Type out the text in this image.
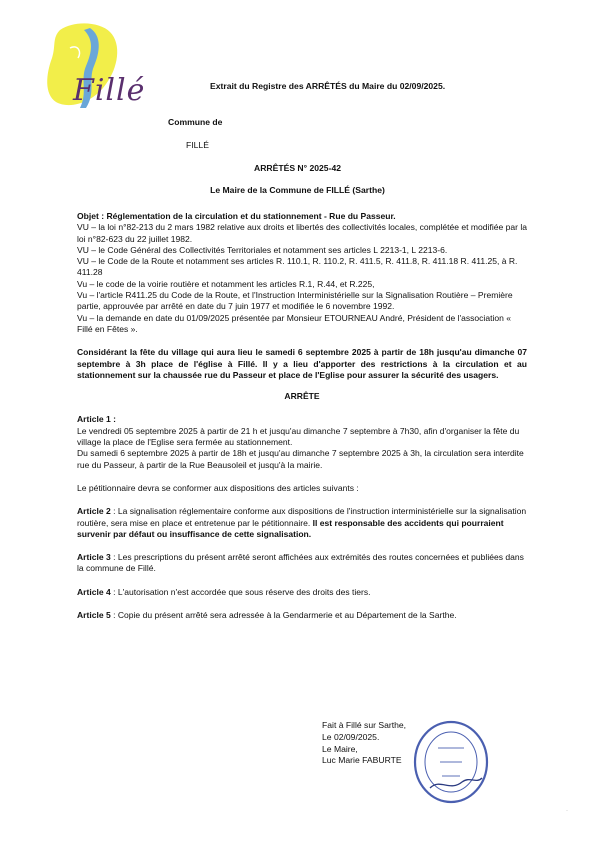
Fillé	Extrait du Registre des ARRÊTÉS du Maire du 02/09/2025.
Commune de
FILLÉ
ARRÊTÉS N° 2025-42
Le Maire de la Commune de FILLÉ (Sarthe)

Objet : Réglementation de la circulation et du stationnement - Rue du Passeur.

VU – la loi n°82-213 du 2 mars 1982 relative aux droits et libertés des collectivités locales, complétée et modifiée par la loi n°82-623 du 22 juillet 1982.

VU – le Code Général des Collectivités Territoriales et notamment ses articles L 2213-1, L 2213-6.

VU – le Code de la Route et notamment ses articles R. 110.1, R. 110.2, R. 411.5, R. 411.8, R. 411.18 R. 411.25, à R. 411.28

Vu – le code de la voirie routière et notamment les articles R.1, R.44, et R.225,

Vu – l'article R411.25 du Code de la Route, et l'Instruction Interministérielle sur la Signalisation Routière – Première partie, approuvée par arrêté en date du 7 juin 1977 et modifiée le 6 novembre 1992.

Vu – la demande en date du 01/09/2025 présentée par Monsieur ETOURNEAU André, Président de l'association « Fillé en Fêtes ».

Considérant la fête du village qui aura lieu le samedi 6 septembre 2025 à partir de 18h jusqu'au dimanche 07 septembre à 3h place de l'église à Fillé. Il y a lieu d'apporter des restrictions à la circulation et au stationnement sur la chaussée rue du Passeur et place de l'Eglise pour assurer la sécurité des usagers.

ARRÊTE

Article 1 :

Le vendredi 05 septembre 2025 à partir de 21 h et jusqu'au dimanche 7 septembre à 7h30, afin d'organiser la fête du village la place de l'Eglise sera fermée au stationnement.

Du samedi 6 septembre 2025 à partir de 18h et jusqu'au dimanche 7 septembre 2025 à 3h, la circulation sera interdite rue du Passeur, à partir de la Rue Beausoleil et jusqu'à la mairie.

Le pétitionnaire devra se conformer aux dispositions des articles suivants :

Article 2 : La signalisation réglementaire conforme aux dispositions de l'instruction interministérielle sur la signalisation routière, sera mise en place et entretenue par le pétitionnaire. Il est responsable des accidents qui pourraient survenir par défaut ou insuffisance de cette signalisation.

Article 3 : Les prescriptions du présent arrêté seront affichées aux extrémités des routes concernées et publiées dans la commune de Fillé.

Article 4 : L'autorisation n'est accordée que sous réserve des droits des tiers.

Article 5 : Copie du présent arrêté sera adressée à la Gendarmerie et au Département de la Sarthe.

Fait à Fillé sur Sarthe,
Le 02/09/2025.
Le Maire,
Luc Marie FABURTE
·
